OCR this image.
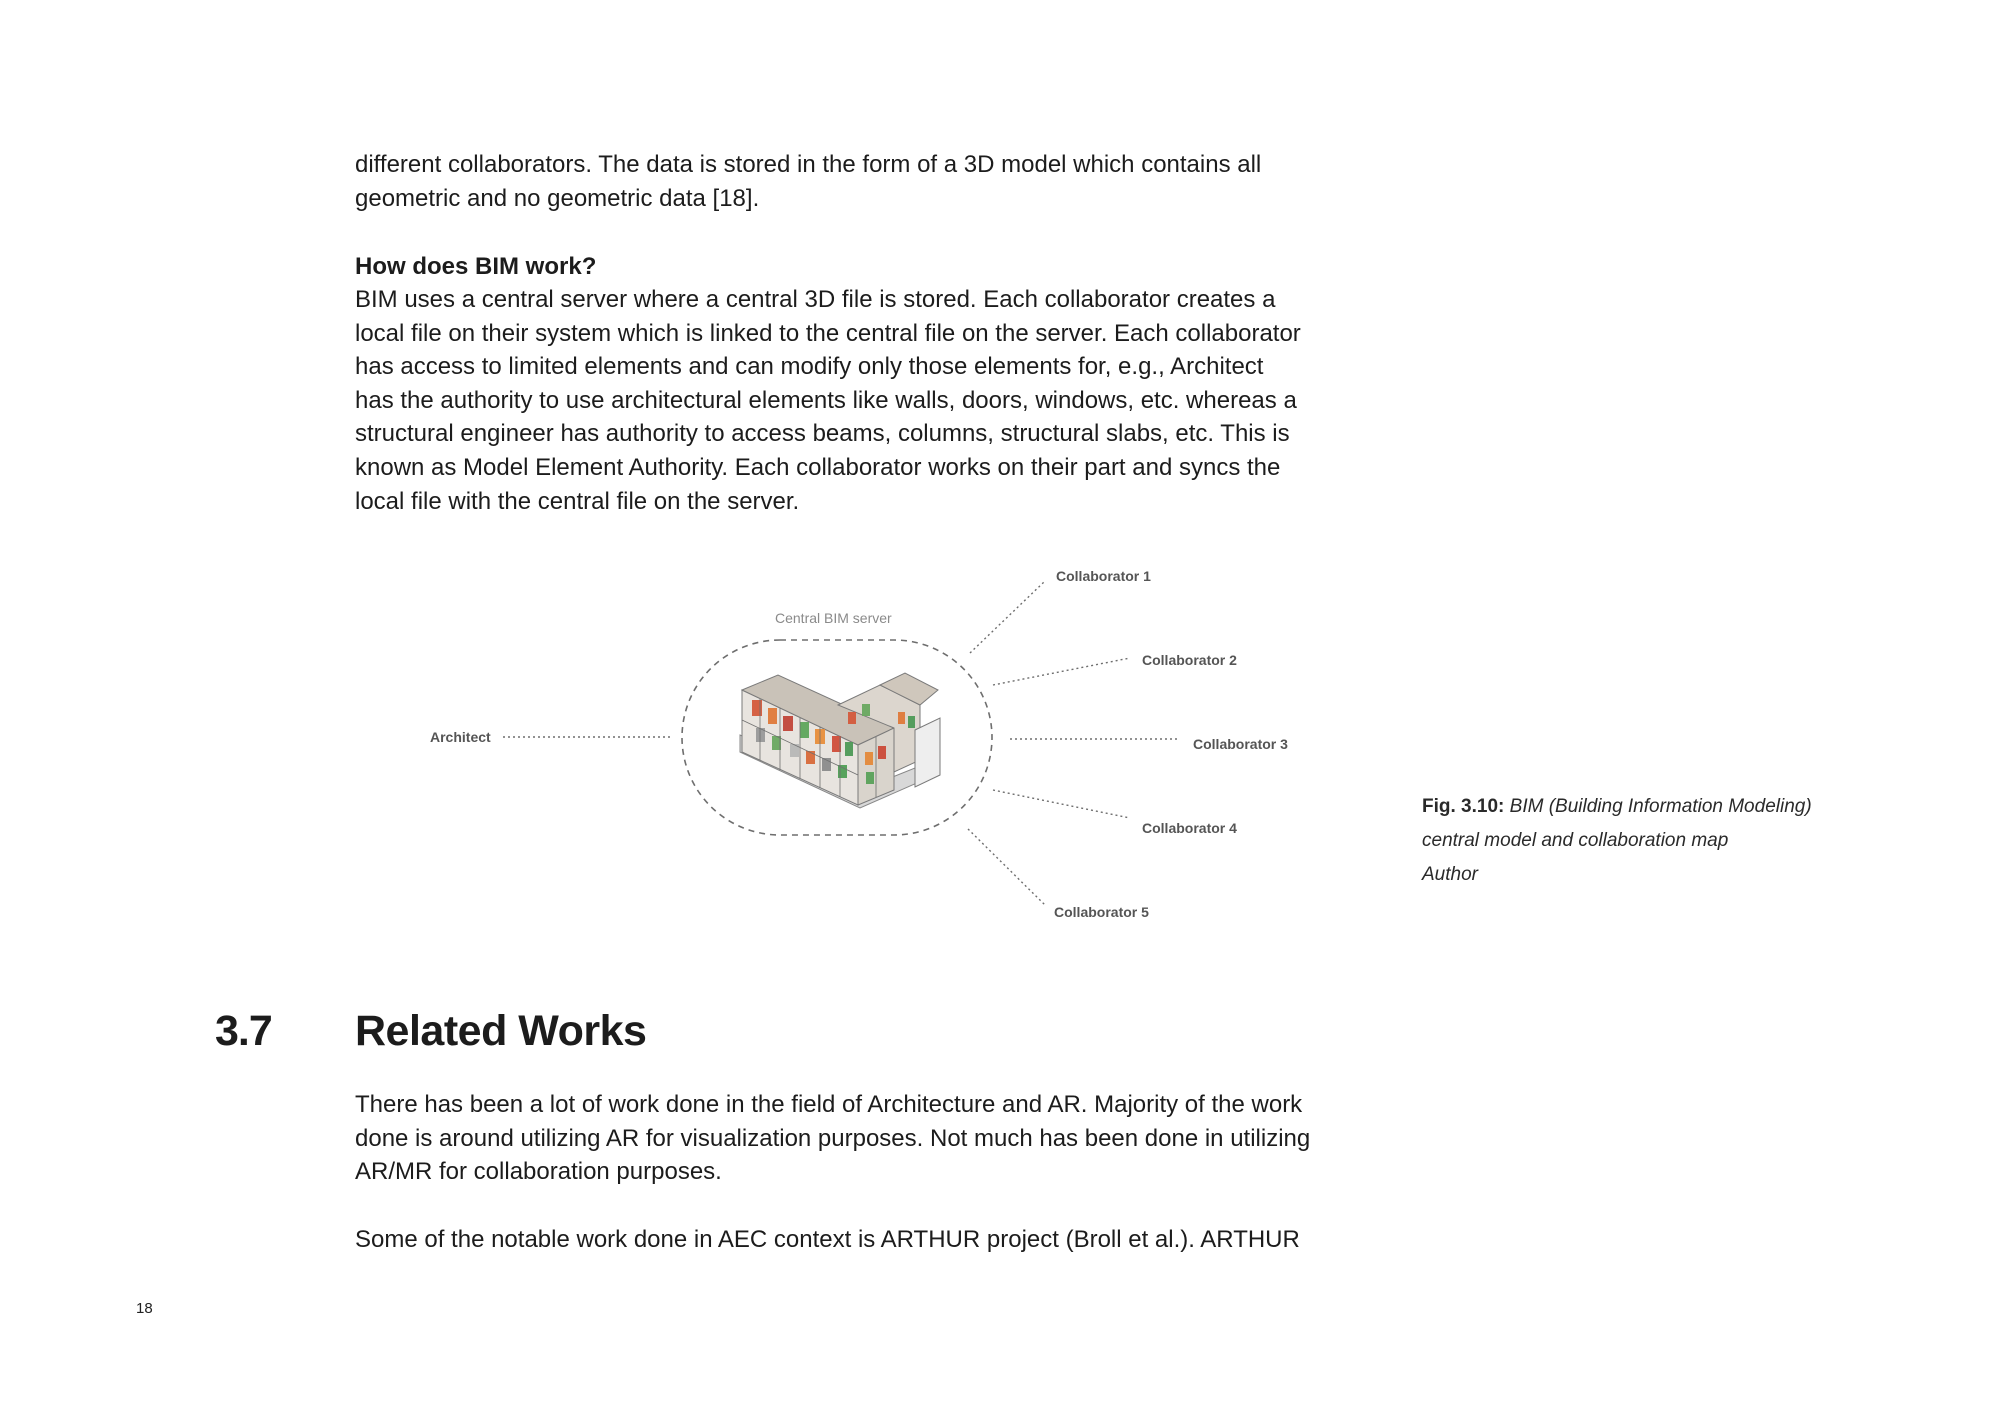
different collaborators. The data is stored in the form of a 3D model which contains all
geometric and no geometric data [18].

How does BIM work?

BIM uses a central server where a central 3D file is stored. Each collaborator creates a
local file on their system which is linked to the central file on the server. Each collaborator
has access to limited elements and can modify only those elements for, e.g., Architect
has the authority to use architectural elements like walls, doors, windows, etc. whereas a
structural engineer has authority to access beams, columns, structural slabs, etc. This is
known as Model Element Authority. Each collaborator works on their part and syncs the
local file with the central file on the server.

Central BIM server
Architect
Collaborator 1
Collaborator 2
Collaborator 3
Collaborator 4
Collaborator 5
Fig. 3.10: BIM (Building Information Modeling)
central model and collaboration map
Author
3.7 Related Works

There has been a lot of work done in the field of Architecture and AR. Majority of the work
done is around utilizing AR for visualization purposes. Not much has been done in utilizing
AR/MR for collaboration purposes.

Some of the notable work done in AEC context is ARTHUR project (Broll et al.). ARTHUR

18
